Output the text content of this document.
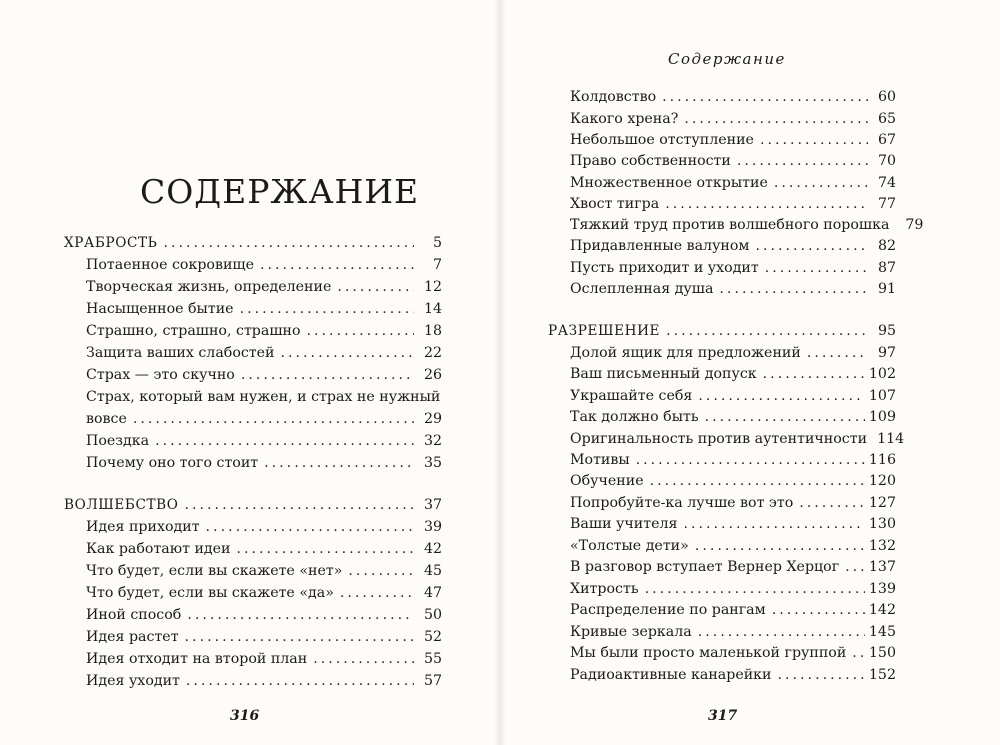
СОДЕРЖАНИЕ
ХРАБРОСТЬ .....	5
Потаенное сокровище .....	7
Творческая жизнь, определение .....	12
Насыщенное бытие .....	14
Страшно, страшно, страшно .....	18
Защита ваших слабостей .....	22
Страх — это скучно .....	26
Страх, который вам нужен, и страх не нужный
вовсе .....	29
Поездка .....	32
Почему оно того стоит .....	35
ВОЛШЕБСТВО .....	37
Идея приходит .....	39
Как работают идеи .....	42
Что будет, если вы скажете «нет» .....	45
Что будет, если вы скажете «да» .....	47
Иной способ .....	50
Идея растет .....	52
Идея отходит на второй план .....	55
Идея уходит .....	57
316
Содержание
Колдовство .....	60
Какого хрена? .....	65
Небольшое отступление .....	67
Право собственности .....	70
Множественное открытие .....	74
Хвост тигра .....	77
Тяжкий труд против волшебного порошка	79
Придавленные валуном .....	82
Пусть приходит и уходит .....	87
Ослепленная душа .....	91
РАЗРЕШЕНИЕ .....	95
Долой ящик для предложений .....	97
Ваш письменный допуск .....	102
Украшайте себя .....	107
Так должно быть .....	109
Оригинальность против аутентичности 114
Мотивы .....	116
Обучение .....	120
Попробуйте-ка лучше вот это .....	127
Ваши учителя .....	130
«Толстые дети» .....	132
В разговор вступает Вернер Херцог ..... 137
Хитрость .....	139
Распределение по рангам .....	142
Кривые зеркала .....	145
Мы были просто маленькой группой ..... 150
Радиоактивные канарейки .....	152
317
